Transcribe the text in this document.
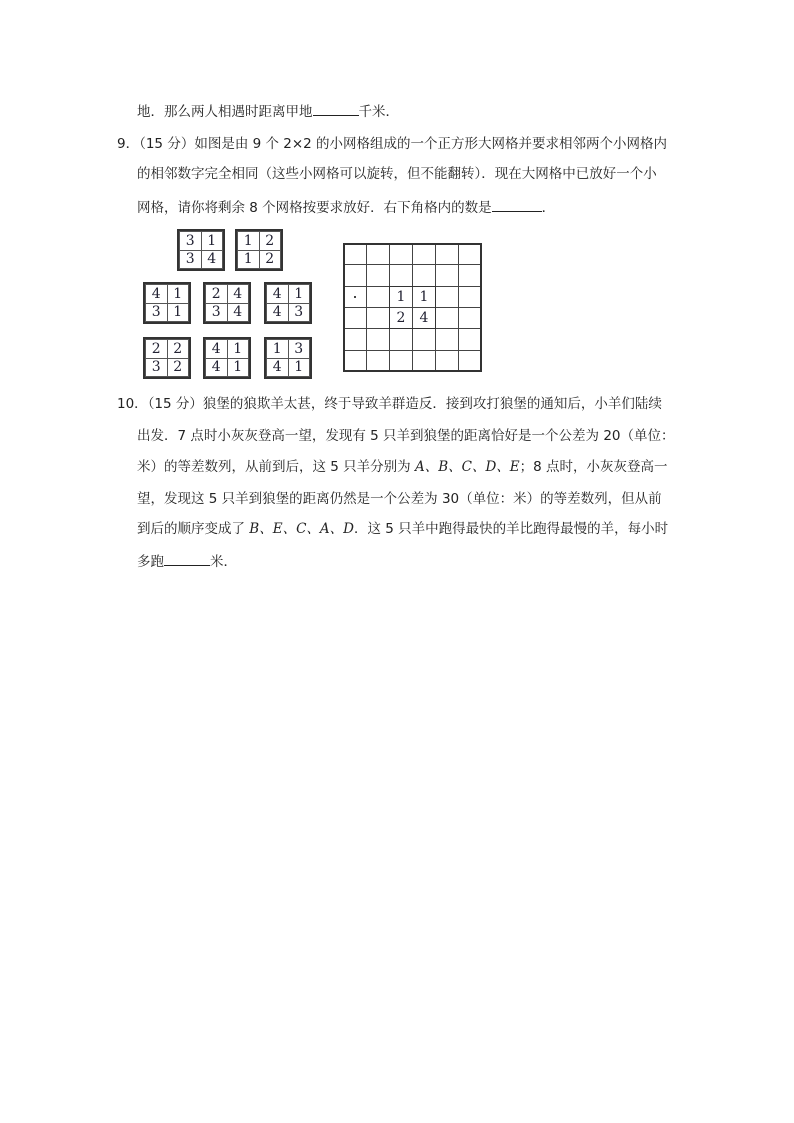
地．那么两人相遇时距离甲地	千米．
9．（15 分）如图是由 9 个 2×2 的小网格组成的一个正方形大网格并要求相邻两个小网格内
的相邻数字完全相同（这些小网格可以旋转，但不能翻转）．现在大网格中已放好一个小
网格，请你将剩余 8 个网格按要求放好．右下角格内的数是	．
3	1
3	4
1	2
1	2
4	1
3	1
2	4
3	4
4	1
4	3
2	2
3	2
4	1
4	1
1	3
4	1
1	1
2	4
10．（15 分）狼堡的狼欺羊太甚，终于导致羊群造反．接到攻打狼堡的通知后，小羊们陆续
出发．7 点时小灰灰登高一望，发现有 5 只羊到狼堡的距离恰好是一个公差为 20（单位：
米）的等差数列，从前到后，这 5 只羊分别为 A、B、C、D、E；8 点时，小灰灰登高一
望，发现这 5 只羊到狼堡的距离仍然是一个公差为 30（单位：米）的等差数列，但从前
到后的顺序变成了 B、E、C、A、D．这 5 只羊中跑得最快的羊比跑得最慢的羊，每小时
多跑	米．
